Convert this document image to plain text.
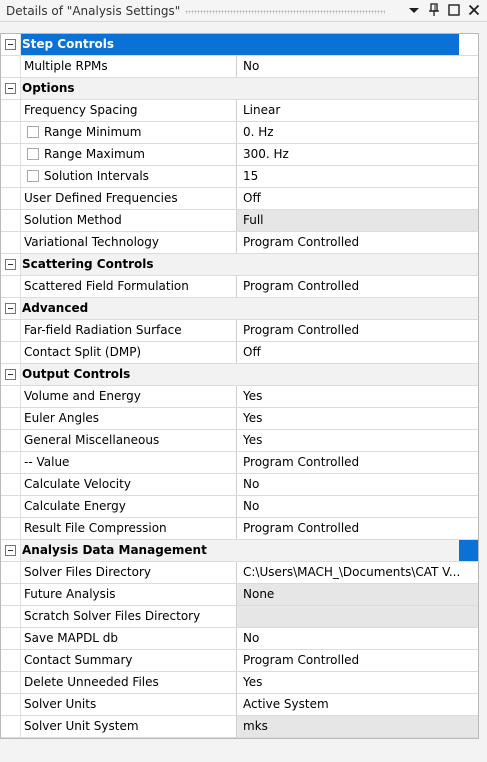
Details of "Analysis Settings"
Step Controls
Multiple RPMs	No
Options
Frequency Spacing	Linear
Range Minimum	0. Hz
Range Maximum	300. Hz
Solution Intervals	15
User Defined Frequencies	Off
Solution Method	Full
Variational Technology	Program Controlled
Scattering Controls
Scattered Field Formulation	Program Controlled
Advanced
Far-field Radiation Surface	Program Controlled
Contact Split (DMP)	Off
Output Controls
Volume and Energy	Yes
Euler Angles	Yes
General Miscellaneous	Yes
-- Value	Program Controlled
Calculate Velocity	No
Calculate Energy	No
Result File Compression	Program Controlled
Analysis Data Management
Solver Files Directory	C:\Users\MACH_\Documents\CAT V...
Future Analysis	None
Scratch Solver Files Directory
Save MAPDL db	No
Contact Summary	Program Controlled
Delete Unneeded Files	Yes
Solver Units	Active System
Solver Unit System	mks
